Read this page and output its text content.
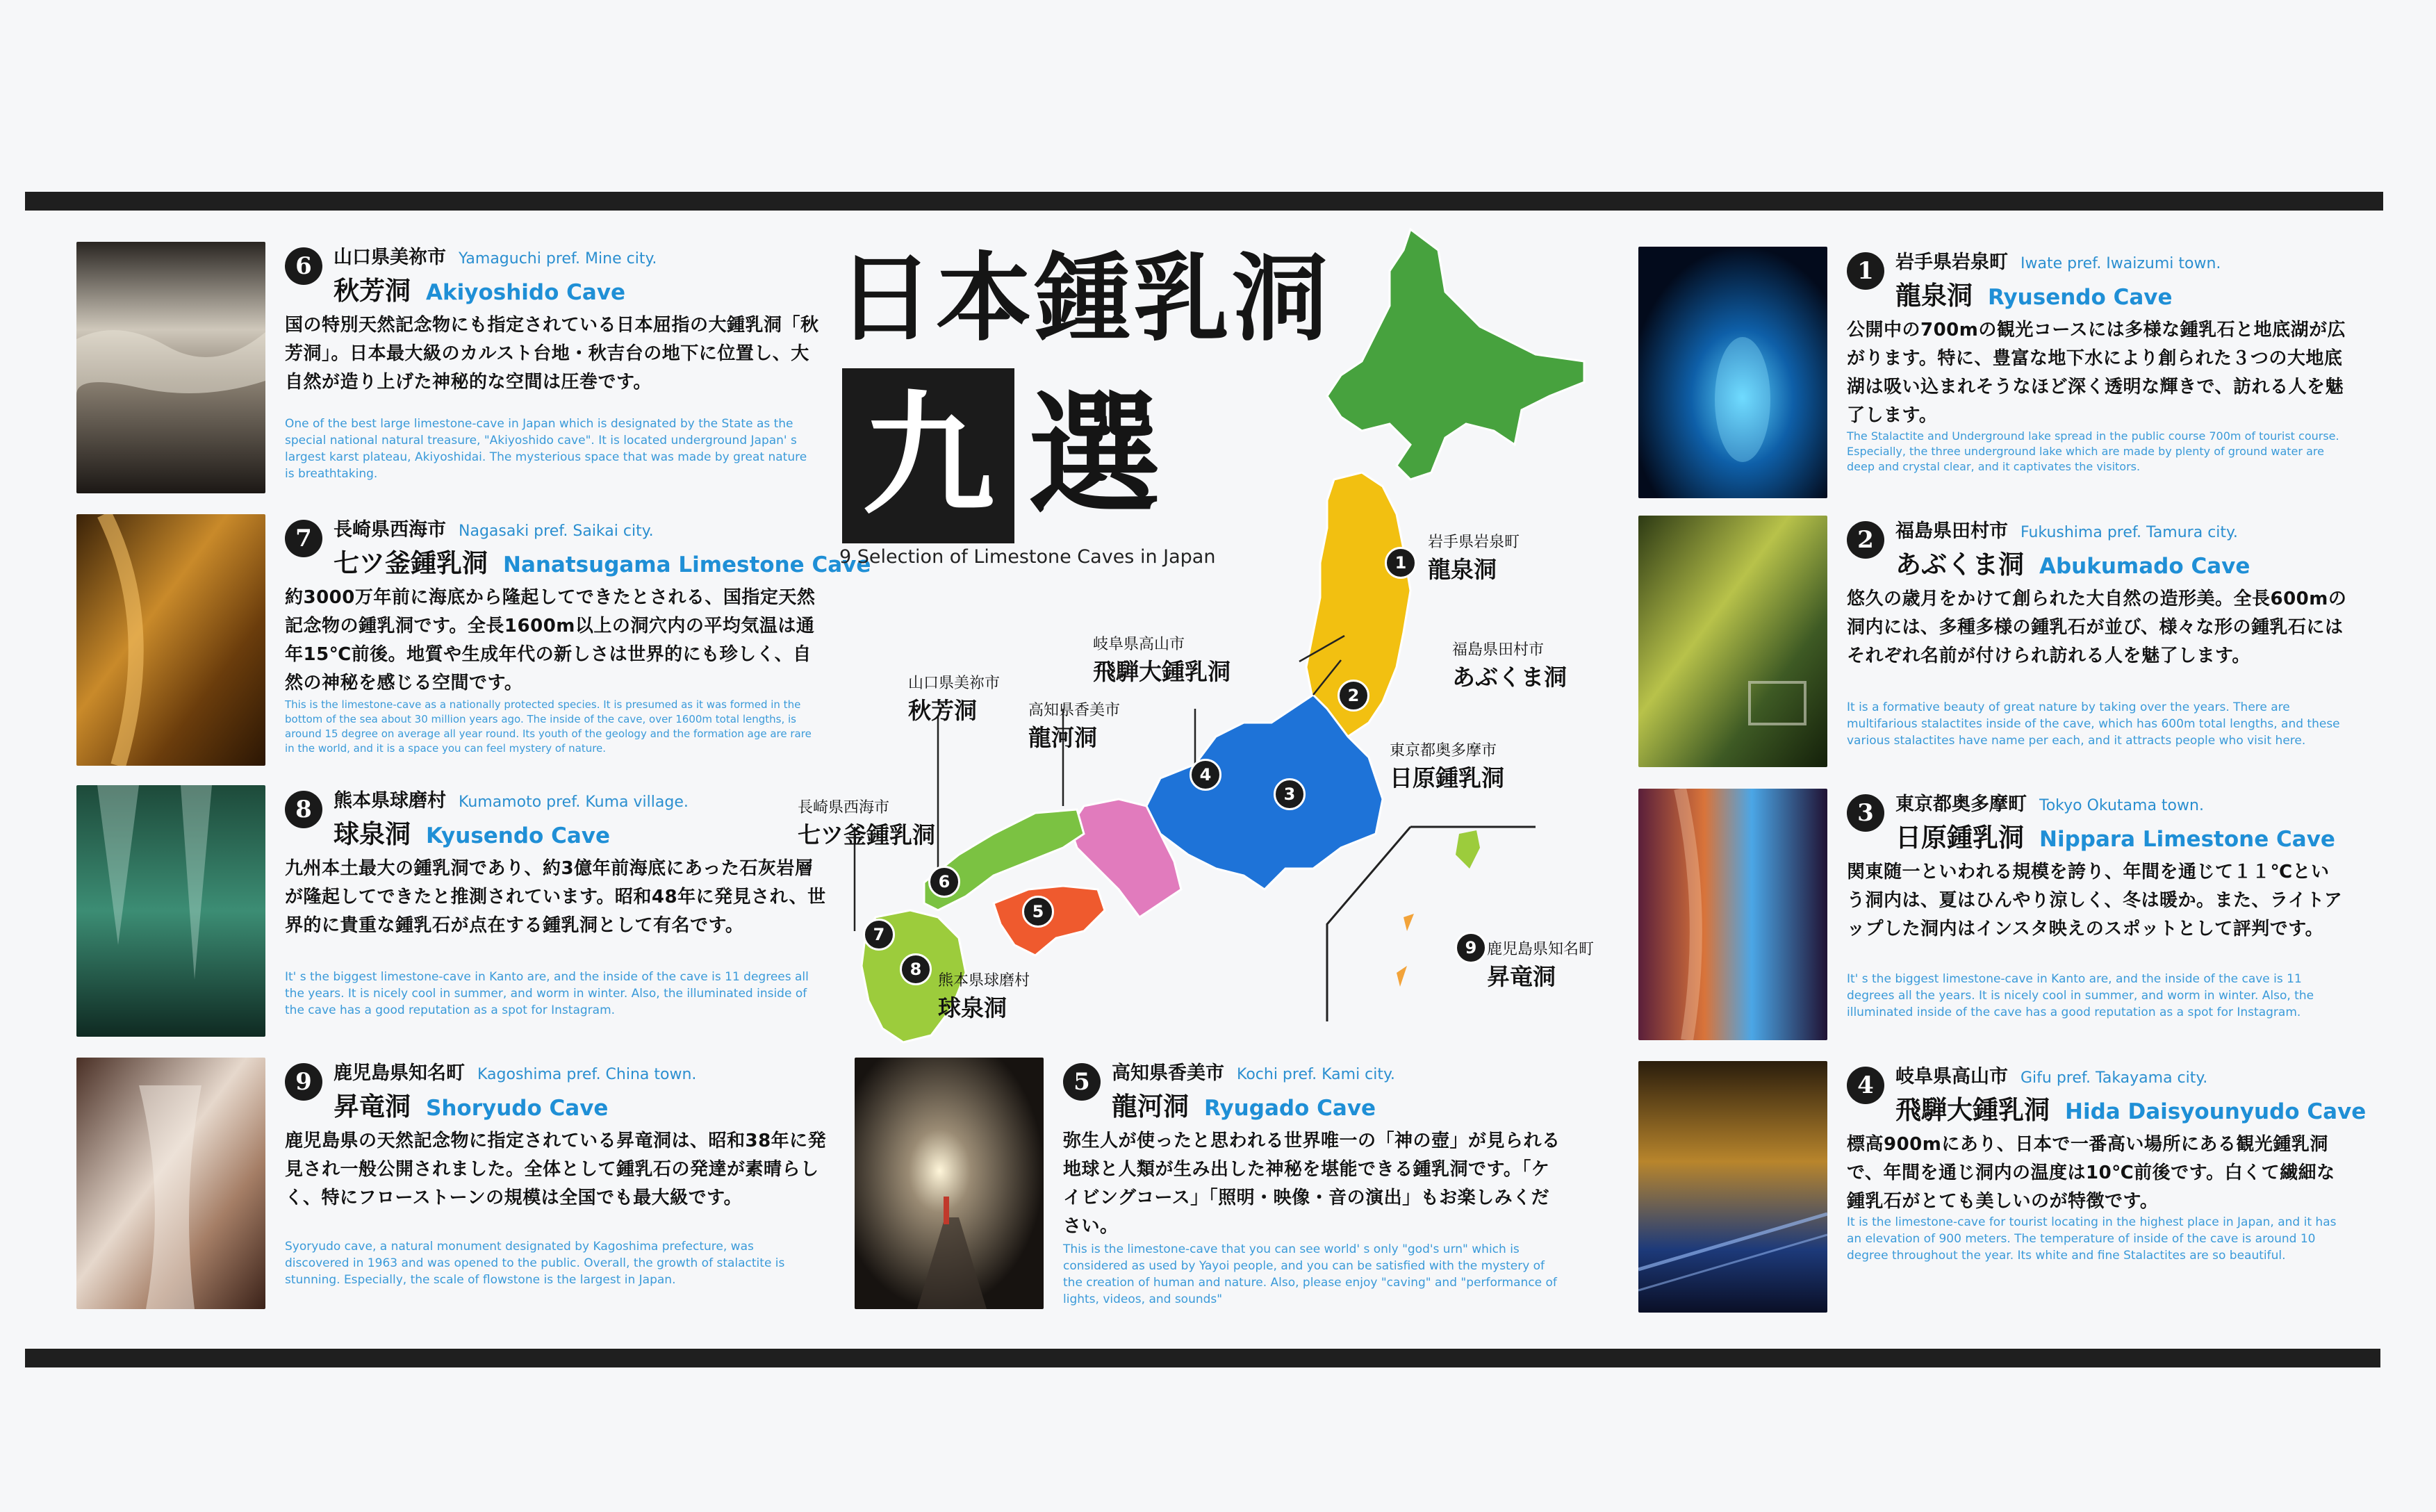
6	山口県美祢市 Yamaguchi pref. Mine city.
秋芳洞 Akiyoshido Cave
国の特別天然記念物にも指定されている日本屈指の大鍾乳洞「秋芳洞」。日本最大級のカルスト台地・秋吉台の地下に位置し、大自然が造り上げた神秘的な空間は圧巻です。
One of the best large limestone-cave in Japan which is designated by the State as the special national natural treasure, "Akiyoshido cave". It is located underground Japan' s largest karst plateau, Akiyoshidai. The mysterious space that was made by great nature is breathtaking.
7	長崎県西海市 Nagasaki pref. Saikai city.
七ツ釜鍾乳洞 Nanatsugama Limestone Cave
約3000万年前に海底から隆起してできたとされる、国指定天然記念物の鍾乳洞です。全長1600m以上の洞穴内の平均気温は通年15℃前後。地質や生成年代の新しさは世界的にも珍しく、自然の神秘を感じる空間です。
This is the limestone-cave as a nationally protected species. It is presumed as it was formed in the bottom of the sea about 30 million years ago. The inside of the cave, over 1600m total lengths, is around 15 degree on average all year round. Its youth of the geology and the formation age are rare in the world, and it is a space you can feel mystery of nature.
8	熊本県球磨村 Kumamoto pref. Kuma village.
球泉洞 Kyusendo Cave
九州本土最大の鍾乳洞であり、約3億年前海底にあった石灰岩層が隆起してできたと推測されています。昭和48年に発見され、世界的に貴重な鍾乳石が点在する鍾乳洞として有名です。
It' s the biggest limestone-cave in Kanto are, and the inside of the cave is 11 degrees all the years. It is nicely cool in summer, and worm in winter. Also, the illuminated inside of the cave has a good reputation as a spot for Instagram.
9	鹿児島県知名町 Kagoshima pref. China town.
昇竜洞 Shoryudo Cave
鹿児島県の天然記念物に指定されている昇竜洞は、昭和38年に発見され一般公開されました。全体として鍾乳石の発達が素晴らしく、特にフローストーンの規模は全国でも最大級です。
Syoryudo cave, a natural monument designated by Kagoshima prefecture, was discovered in 1963 and was opened to the public. Overall, the growth of stalactite is stunning. Especially, the scale of flowstone is the largest in Japan.
日本鍾乳洞
九 選
9 Selection of Limestone Caves in Japan	1
2
3
4
5
6
7
8
9
岩手県岩泉町
龍泉洞
福島県田村市
あぶくま洞
東京都奥多摩市
日原鍾乳洞
岐阜県高山市
飛騨大鍾乳洞
高知県香美市
龍河洞
山口県美祢市
秋芳洞
長崎県西海市
七ツ釜鍾乳洞
熊本県球磨村
球泉洞
鹿児島県知名町
昇竜洞
5	高知県香美市 Kochi pref. Kami city.
龍河洞 Ryugado Cave
弥生人が使ったと思われる世界唯一の「神の壺」が見られる地球と人類が生み出した神秘を堪能できる鍾乳洞です。「ケイビングコース」「照明・映像・音の演出」もお楽しみください。
This is the limestone-cave that you can see world' s only "god's urn" which is considered as used by Yayoi people, and you can be satisfied with the mystery of the creation of human and nature. Also, please enjoy "caving" and "performance of lights, videos, and sounds"
1	岩手県岩泉町 Iwate pref. Iwaizumi town.
龍泉洞 Ryusendo Cave
公開中の700mの観光コースには多様な鍾乳石と地底湖が広がります。特に、豊富な地下水により創られた３つの大地底湖は吸い込まれそうなほど深く透明な輝きで、訪れる人を魅了します。
The Stalactite and Underground lake spread in the public course 700m of tourist course. Especially, the three underground lake which are made by plenty of ground water are deep and crystal clear, and it captivates the visitors.
2	福島県田村市 Fukushima pref. Tamura city.
あぶくま洞 Abukumado Cave
悠久の歳月をかけて創られた大自然の造形美。全長600mの洞内には、多種多様の鍾乳石が並び、様々な形の鍾乳石にはそれぞれ名前が付けられ訪れる人を魅了します。
It is a formative beauty of great nature by taking over the years. There are multifarious stalactites inside of the cave, which has 600m total lengths, and these various stalactites have name per each, and it attracts people who visit here.
3	東京都奥多摩町 Tokyo Okutama town.
日原鍾乳洞 Nippara Limestone Cave
関東随一といわれる規模を誇り、年間を通じて１１℃という洞内は、夏はひんやり涼しく、冬は暖か。また、ライトアップした洞内はインスタ映えのスポットとして評判です。
It' s the biggest limestone-cave in Kanto are, and the inside of the cave is 11 degrees all the years. It is nicely cool in summer, and worm in winter. Also, the illuminated inside of the cave has a good reputation as a spot for Instagram.
4	岐阜県高山市 Gifu pref. Takayama city.
飛騨大鍾乳洞 Hida Daisyounyudo Cave
標高900mにあり、日本で一番高い場所にある観光鍾乳洞で、年間を通じ洞内の温度は10℃前後です。白くて繊細な鍾乳石がとても美しいのが特徴です。
It is the limestone-cave for tourist locating in the highest place in Japan, and it has an elevation of 900 meters. The temperature of inside of the cave is around 10 degree throughout the year. Its white and fine Stalactites are so beautiful.
